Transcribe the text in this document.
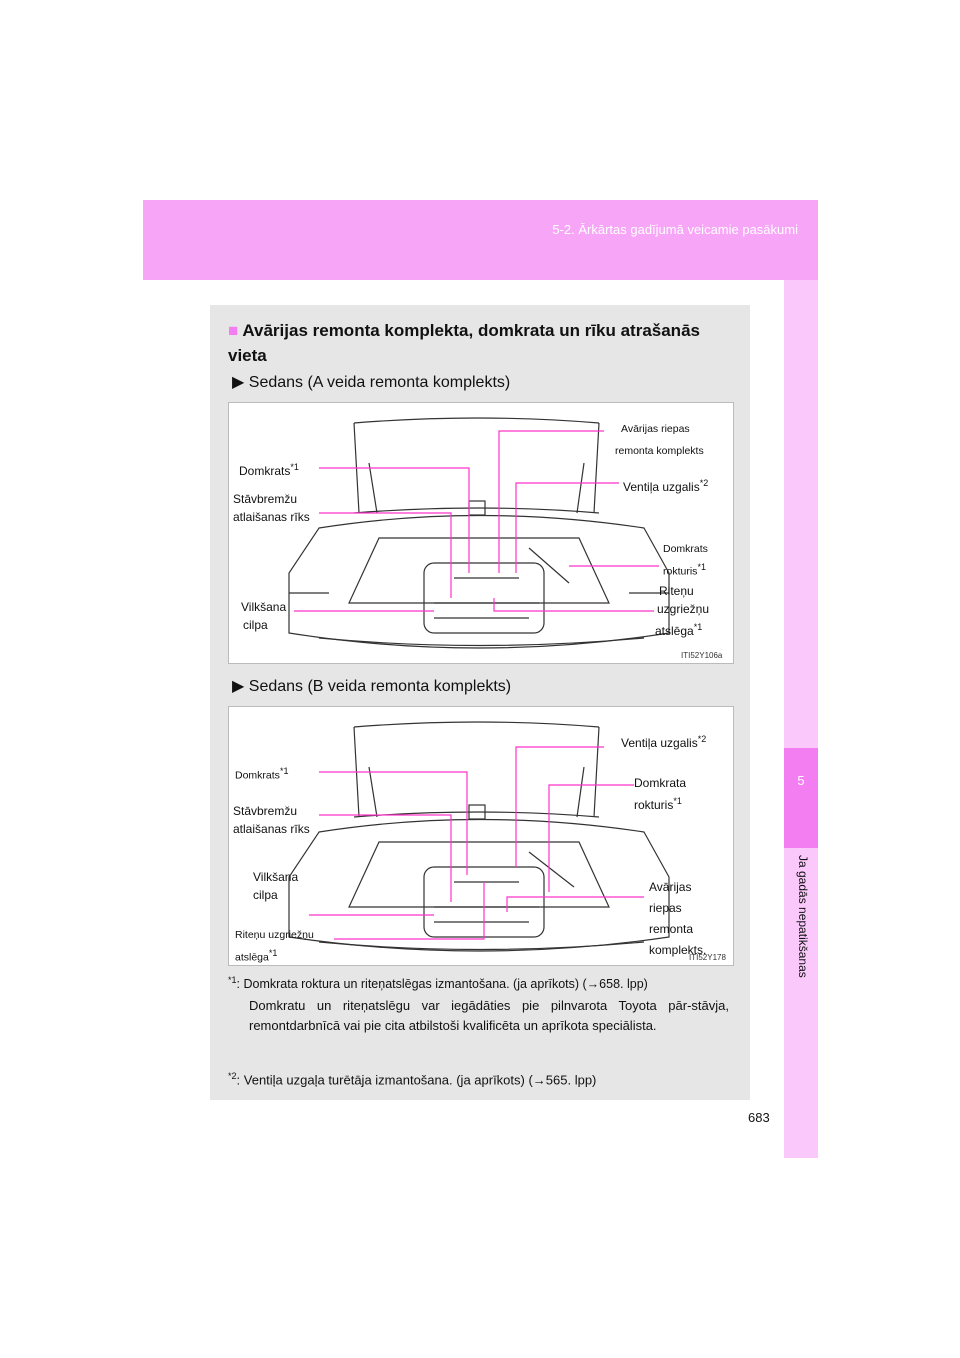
5-2. Ārkārtas gadījumā veicamie pasākumi
5
Ja gadās nepatikšanas
■ Avārijas remonta komplekta, domkrata un rīku atrašanās vieta
▶ Sedans (A veida remonta komplekts)
Avārijas riepas
remonta komplekts
Domkrats$^{*1}$
Ventiļa uzgalis$^{*2}$
Stāvbremžu
atlaišanas rīks
Domkrats
rokturis$^{*1}$
Vilkšana
cilpa
Riteņu
uzgriežņu
atslēga$^{*1}$
ITI52Y106a
▶ Sedans (B veida remonta komplekts)
Ventiļa uzgalis$^{*2}$
Domkrats$^{*1}$
Domkrata
rokturis$^{*1}$
Stāvbremžu
atlaišanas rīks
Vilkšana
cilpa
Avārijas
riepas
remonta
komplekts.
Riteņu uzgriežņu
atslēga$^{*1}$	ITI52Y178
$^{*1}$: Domkrata roktura un riteņatslēgas izmantošana. (ja aprīkots) (→658. lpp)
Domkratu un riteņatslēgu var iegādāties pie pilnvarota Toyota pār-stāvja, remontdarbnīcā vai pie cita atbilstoši kvalificēta un aprīkota speciālista.
$^{*2}$: Ventiļa uzgaļa turētāja izmantošana. (ja aprīkots) (→565. lpp)
683
